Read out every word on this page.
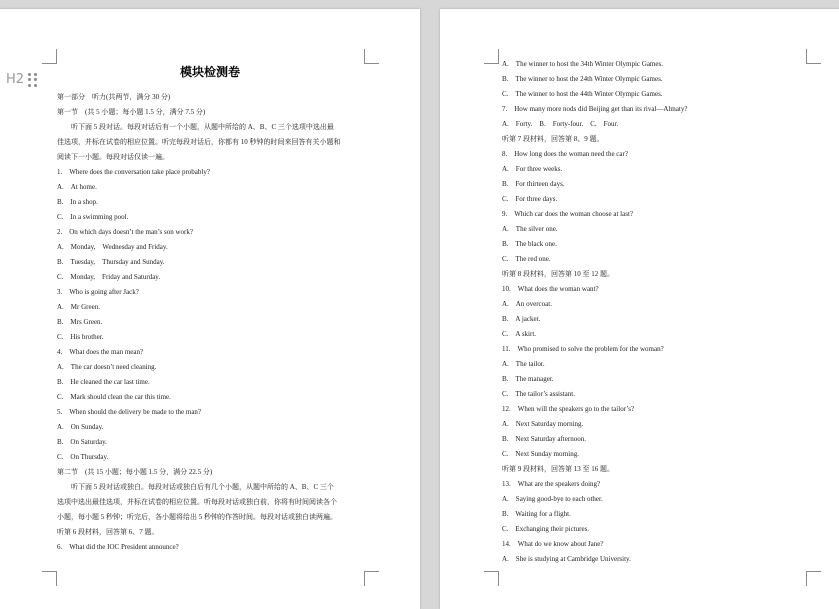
H2	模块检测卷
第一部分　听力(共两节，满分 30 分)
第一节　(共 5 小题；每小题 1.5 分，满分 7.5 分)
　　听下面 5 段对话。每段对话后有一个小题，从题中所给的 A、B、C 三个选项中选出最
佳选项，并标在试卷的相应位置。听完每段对话后，你都有 10 秒钟的时间来回答有关小题和
阅读下一小题。每段对话仅读一遍。
1.　Where does the conversation take place probably?
A.　At home.
B.　In a shop.
C.　In a swimming pool.
2.　On which days doesn’t the man’s son work?
A.　Monday,　Wednesday and Friday.
B.　Tuesday,　Thursday and Sunday.
C.　Monday,　Friday and Saturday.
3.　Who is going after Jack?
A.　Mr Green.
B.　Mrs Green.
C.　His brother.
4.　What does the man mean?
A.　The car doesn’t need cleaning.
B.　He cleaned the car last time.
C.　Mark should clean the car this time.
5.　When should the delivery be made to the man?
A.　On Sunday.
B.　On Saturday.
C.　On Thursday.
第二节　(共 15 小题；每小题 1.5 分，满分 22.5 分)
　　听下面 5 段对话或独白。每段对话或独白后有几个小题，从题中所给的 A、B、C 三个
选项中选出最佳选项，并标在试卷的相应位置。听每段对话或独白前，你将有时间阅读各个
小题，每小题 5 秒钟；听完后，各小题将给出 5 秒钟的作答时间。每段对话或独白读两遍。
听第 6 段材料，回答第 6、7 题。
6.　What did the IOC President announce?
A.　The winner to host the 34th Winter Olympic Games.
B.　The winner to host the 24th Winter Olympic Games.
C.　The winner to host the 44th Winter Olympic Games.
7.　How many more nods did Beijing get than its rival—Almaty?
A.　Forty.　B.　Forty-four.　C.　Four.
听第 7 段材料，回答第 8、9 题。
8.　How long does the woman need the car?
A.　For three weeks.
B.　For thirteen days.
C.　For three days.
9.　Which car does the woman choose at last?
A.　The silver one.
B.　The black one.
C.　The red one.
听第 8 段材料，回答第 10 至 12 题。
10.　What does the woman want?
A.　An overcoat.
B.　A jacket.
C.　A skirt.
11.　Who promised to solve the problem for the woman?
A.　The tailor.
B.　The manager.
C.　The tailor’s assistant.
12.　When will the speakers go to the tailor’s?
A.　Next Saturday morning.
B.　Next Saturday afternoon.
C.　Next Sunday morning.
听第 9 段材料，回答第 13 至 16 题。
13.　What are the speakers doing?
A.　Saying good-bye to each other.
B.　Waiting for a flight.
C.　Exchanging their pictures.
14.　What do we know about Jane?
A.　She is studying at Cambridge University.
